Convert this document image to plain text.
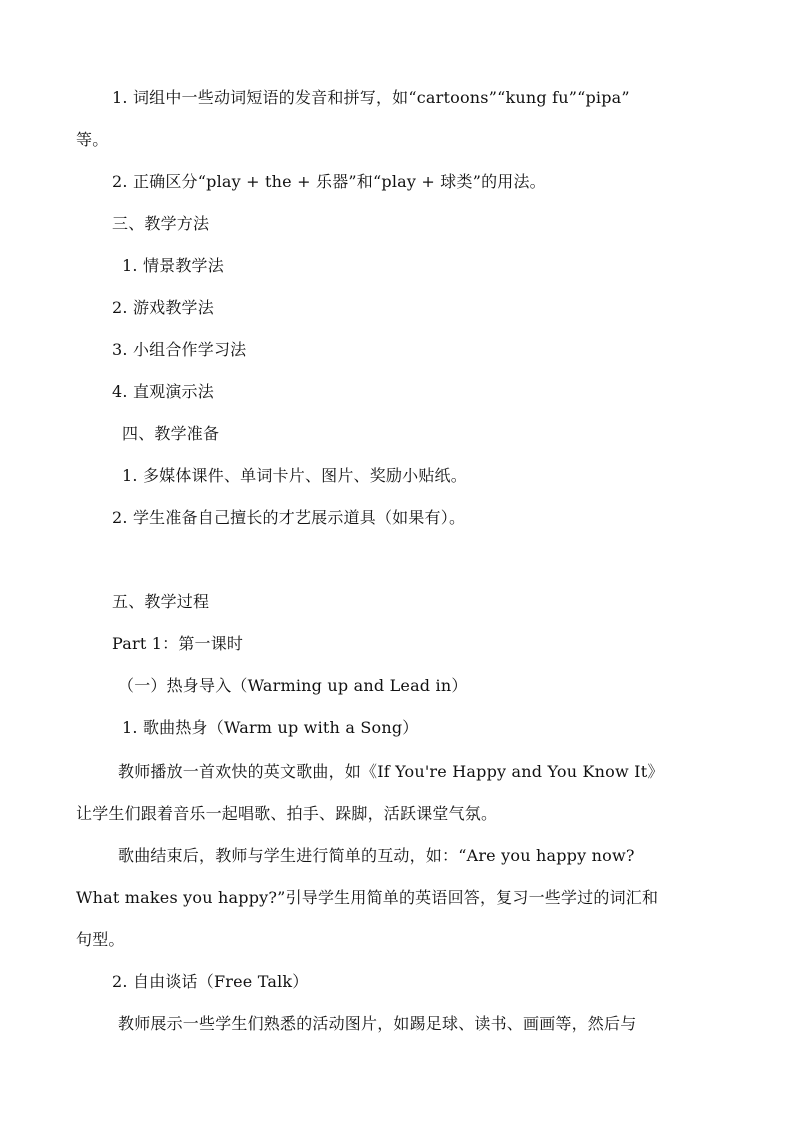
1. 词组中一些动词短语的发音和拼写，如“cartoons”“kung fu”“pipa”
等。
2. 正确区分“play + the + 乐器”和“play + 球类”的用法。
三、教学方法
1. 情景教学法
2. 游戏教学法
3. 小组合作学习法
4. 直观演示法
四、教学准备
1. 多媒体课件、单词卡片、图片、奖励小贴纸。
2. 学生准备自己擅长的才艺展示道具（如果有）。
五、教学过程
Part 1：第一课时
（一）热身导入（Warming up and Lead in）
1. 歌曲热身（Warm up with a Song）
教师播放一首欢快的英文歌曲，如《If You're Happy and You Know It》
让学生们跟着音乐一起唱歌、拍手、跺脚，活跃课堂气氛。
歌曲结束后，教师与学生进行简单的互动，如：“Are you happy now?
What makes you happy?”引导学生用简单的英语回答，复习一些学过的词汇和
句型。
2. 自由谈话（Free Talk）
教师展示一些学生们熟悉的活动图片，如踢足球、读书、画画等，然后与
